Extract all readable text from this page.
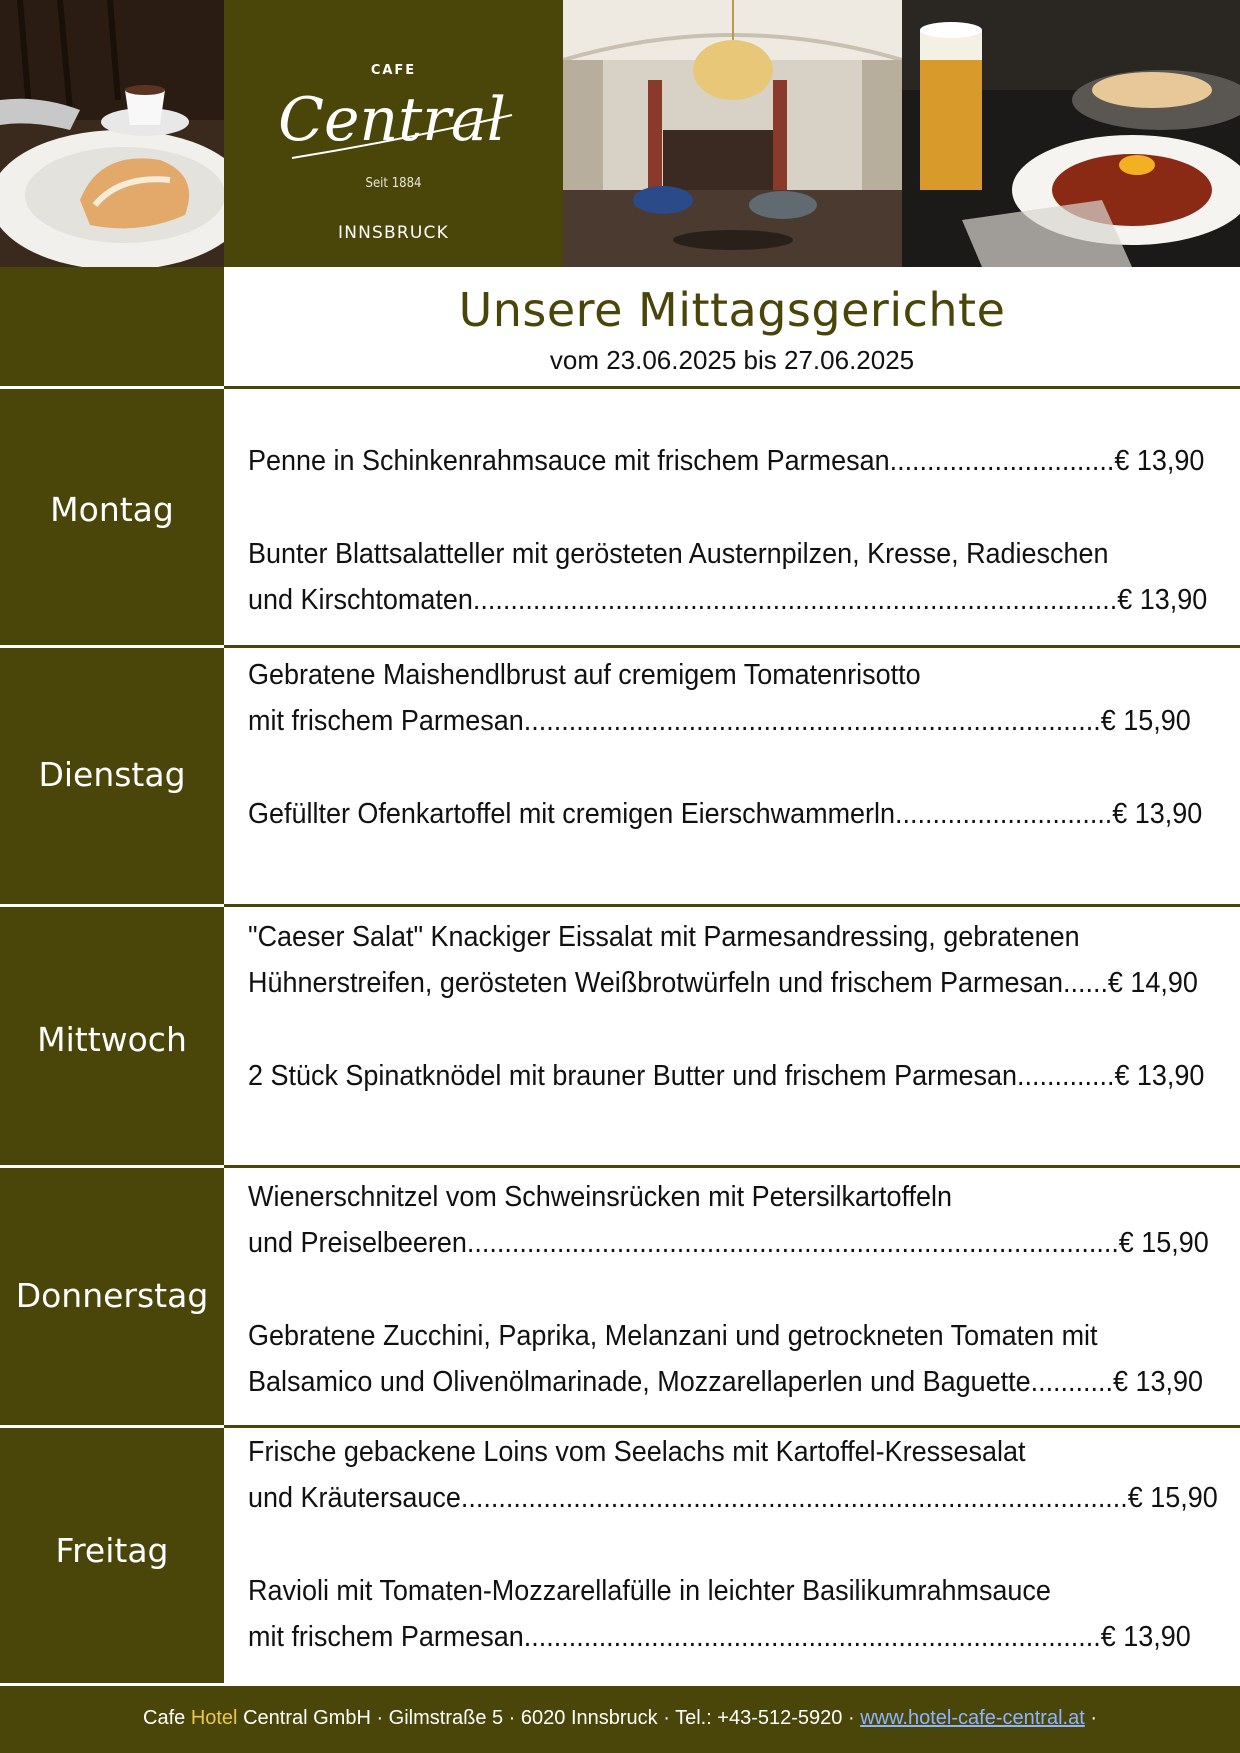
CAFE
Central
Seit 1884
INNSBRUCK
Unsere Mittagsgerichte
vom 23.06.2025 bis 27.06.2025
Montag
Dienstag
Mittwoch
Donnerstag
Freitag
Penne in Schinkenrahmsauce mit frischem Parmesan..............................€ 13,90
Bunter Blattsalatteller mit gerösteten Austernpilzen, Kresse, Radieschen
und Kirschtomaten......................................................................................€ 13,90
Gebratene Maishendlbrust auf cremigem Tomatenrisotto
mit frischem Parmesan.............................................................................€ 15,90
Gefüllter Ofenkartoffel mit cremigen Eierschwammerln.............................€ 13,90
"Caeser Salat" Knackiger Eissalat mit Parmesandressing, gebratenen
Hühnerstreifen, gerösteten Weißbrotwürfeln und frischem Parmesan......€ 14,90
2 Stück Spinatknödel mit brauner Butter und frischem Parmesan.............€ 13,90
Wienerschnitzel vom Schweinsrücken mit Petersilkartoffeln
und Preiselbeeren.......................................................................................€ 15,90
Gebratene Zucchini, Paprika, Melanzani und getrockneten Tomaten mit
Balsamico und Olivenölmarinade, Mozzarellaperlen und Baguette...........€ 13,90
Frische gebackene Loins vom Seelachs mit Kartoffel-Kressesalat
und Kräutersauce.........................................................................................€ 15,90
Ravioli mit Tomaten-Mozzarellafülle in leichter Basilikumrahmsauce
mit frischem Parmesan.............................................................................€ 13,90
Cafe Hotel Central GmbH · Gilmstraße 5 · 6020 Innsbruck · Tel.: +43-512-5920 · www.hotel-cafe-central.at ·
